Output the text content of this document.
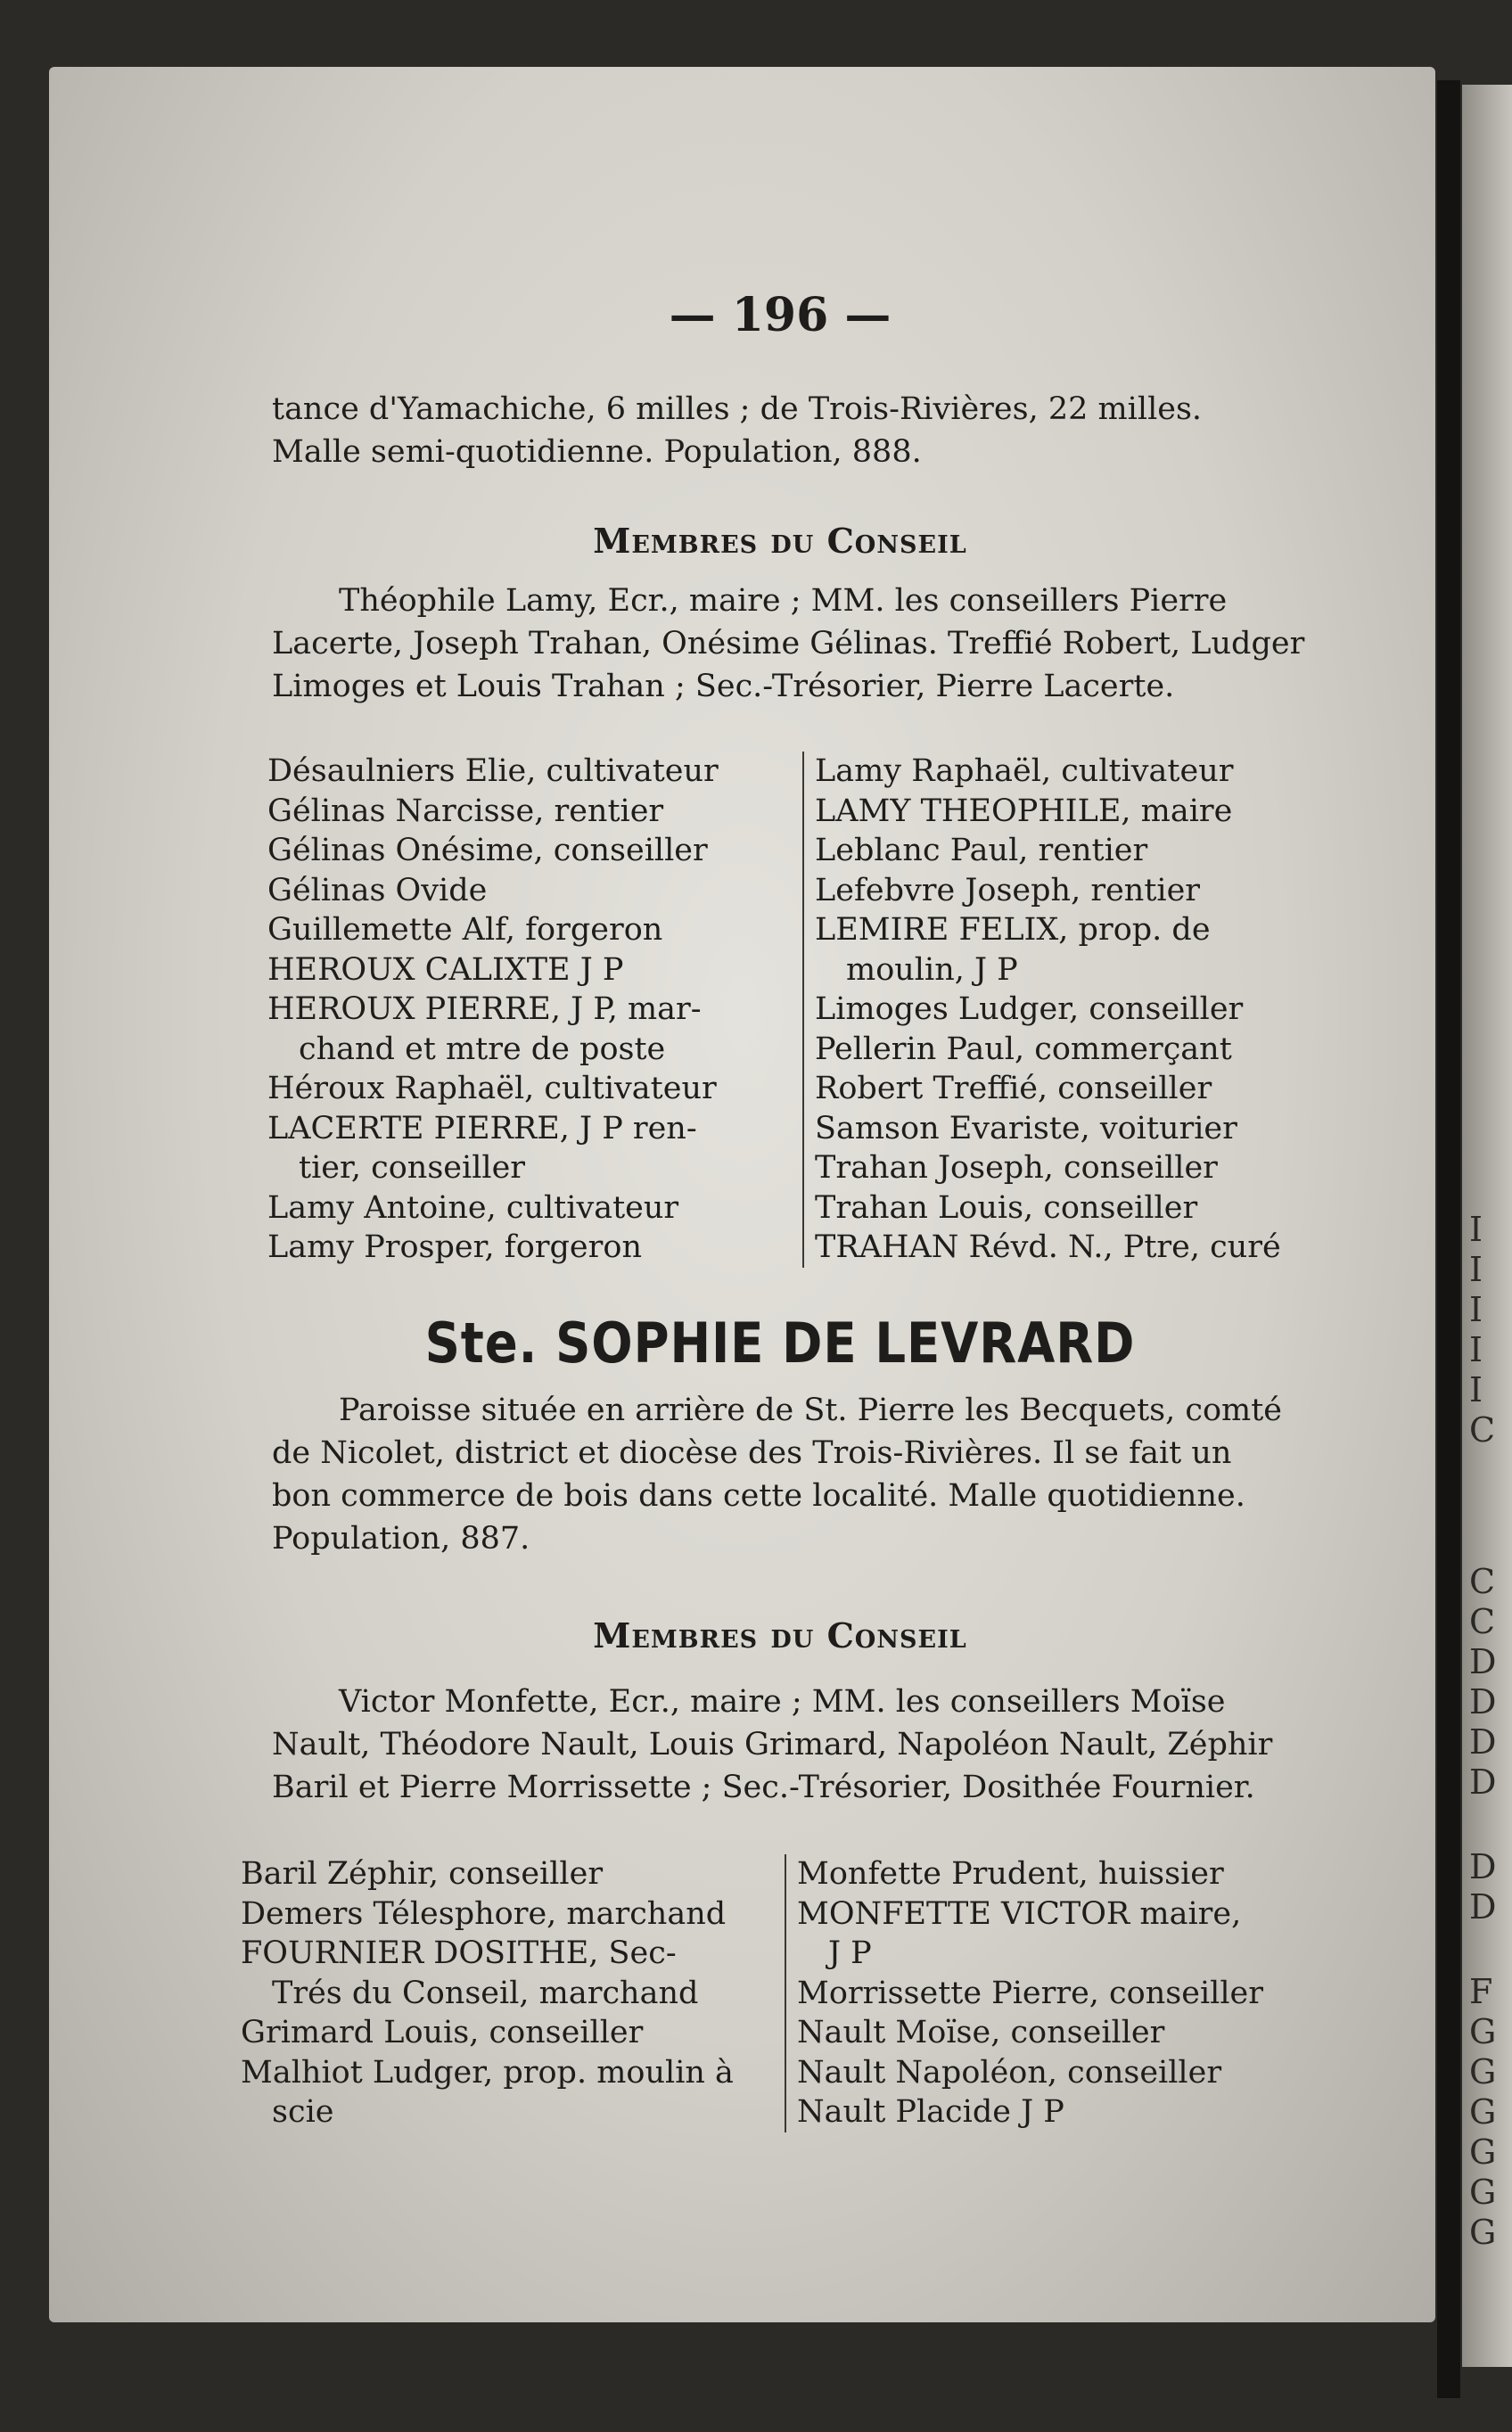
I
I
I
I
I
C
C
C
D
D
D
D
D
D
F
G
G
G
G
G
G
— 196 —
tance d'Yamachiche, 6 milles ; de Trois-Rivières, 22 milles.
Malle semi-quotidienne. Population, 888.
Membres du Conseil
Théophile Lamy, Ecr., maire ; MM. les conseillers Pierre
Lacerte, Joseph Trahan, Onésime Gélinas. Treffié Robert, Ludger
Limoges et Louis Trahan ; Sec.-Trésorier, Pierre Lacerte.
Désaulniers Elie, cultivateur
Gélinas Narcisse, rentier
Gélinas Onésime, conseiller
Gélinas Ovide
Guillemette Alf, forgeron
HEROUX CALIXTE J P
HEROUX PIERRE, J P, mar-
chand et mtre de poste
Héroux Raphaël, cultivateur
LACERTE PIERRE, J P ren-
tier, conseiller
Lamy Antoine, cultivateur
Lamy Prosper, forgeron
Lamy Raphaël, cultivateur
LAMY THEOPHILE, maire
Leblanc Paul, rentier
Lefebvre Joseph, rentier
LEMIRE FELIX, prop. de
moulin, J P
Limoges Ludger, conseiller
Pellerin Paul, commerçant
Robert Treffié, conseiller
Samson Evariste, voiturier
Trahan Joseph, conseiller
Trahan Louis, conseiller
TRAHAN Révd. N., Ptre, curé
Ste. SOPHIE DE LEVRARD
Paroisse située en arrière de St. Pierre les Becquets, comté
de Nicolet, district et diocèse des Trois-Rivières. Il se fait un
bon commerce de bois dans cette localité. Malle quotidienne.
Population, 887.
Membres du Conseil
Victor Monfette, Ecr., maire ; MM. les conseillers Moïse
Nault, Théodore Nault, Louis Grimard, Napoléon Nault, Zéphir
Baril et Pierre Morrissette ; Sec.-Trésorier, Dosithée Fournier.
Baril Zéphir, conseiller
Demers Télesphore, marchand
FOURNIER DOSITHE, Sec-
Trés du Conseil, marchand
Grimard Louis, conseiller
Malhiot Ludger, prop. moulin à
scie
Monfette Prudent, huissier
MONFETTE VICTOR maire,
J P
Morrissette Pierre, conseiller
Nault Moïse, conseiller
Nault Napoléon, conseiller
Nault Placide J P
